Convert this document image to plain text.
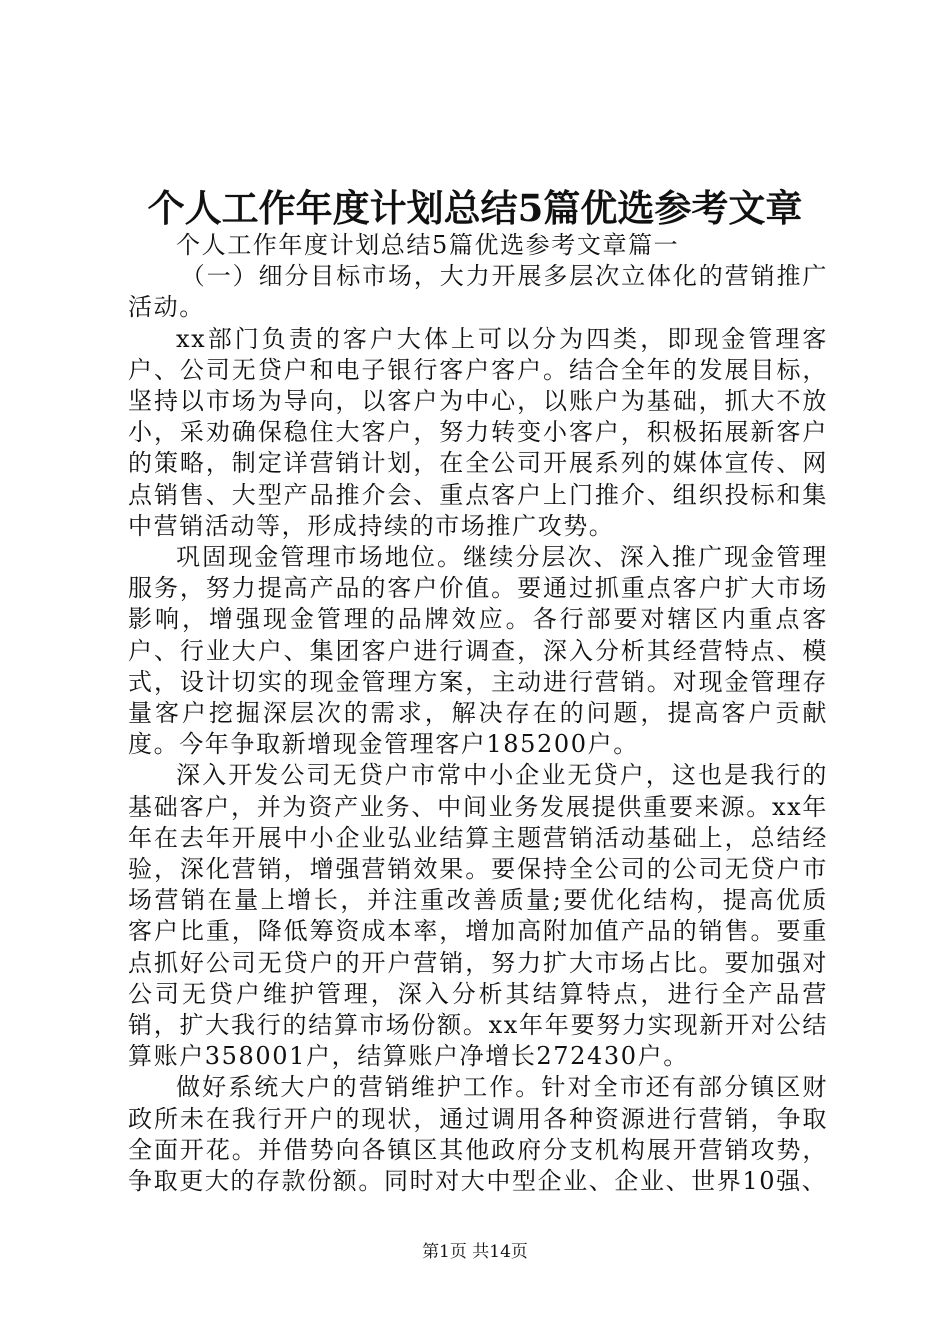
个人工作年度计划总结5篇优选参考文章

个人工作年度计划总结5篇优选参考文章篇一

（一）细分目标市场，大力开展多层次立体化的营销推广活动。

xx部门负责的客户大体上可以分为四类，即现金管理客户、公司无贷户和电子银行客户客户。结合全年的发展目标，坚持以市场为导向，以客户为中心，以账户为基础，抓大不放小，采劝确保稳住大客户，努力转变小客户，积极拓展新客户的策略，制定详营销计划，在全公司开展系列的媒体宣传、网点销售、大型产品推介会、重点客户上门推介、组织投标和集中营销活动等，形成持续的市场推广攻势。

巩固现金管理市场地位。继续分层次、深入推广现金管理服务，努力提高产品的客户价值。要通过抓重点客户扩大市场影响，增强现金管理的品牌效应。各行部要对辖区内重点客户、行业大户、集团客户进行调查，深入分析其经营特点、模式，设计切实的现金管理方案，主动进行营销。对现金管理存量客户挖掘深层次的需求，解决存在的问题，提高客户贡献度。今年争取新增现金管理客户185200户。

深入开发公司无贷户市常中小企业无贷户，这也是我行的基础客户，并为资产业务、中间业务发展提供重要来源。xx年年在去年开展中小企业弘业结算主题营销活动基础上，总结经验，深化营销，增强营销效果。要保持全公司的公司无贷户市场营销在量上增长，并注重改善质量;要优化结构，提高优质客户比重，降低筹资成本率，增加高附加值产品的销售。要重点抓好公司无贷户的开户营销，努力扩大市场占比。要加强对公司无贷户维护管理，深入分析其结算特点，进行全产品营销，扩大我行的结算市场份额。xx年年要努力实现新开对公结算账户358001户，结算账户净增长272430户。

做好系统大户的营销维护工作。针对全市还有部分镇区财政所未在我行开户的现状，通过调用各种资源进行营销，争取全面开花。并借势向各镇区其他政府分支机构展开营销攻势，争取更大的存款份额。同时对大中型企业、企业、世界10强、

第1页 共14页
